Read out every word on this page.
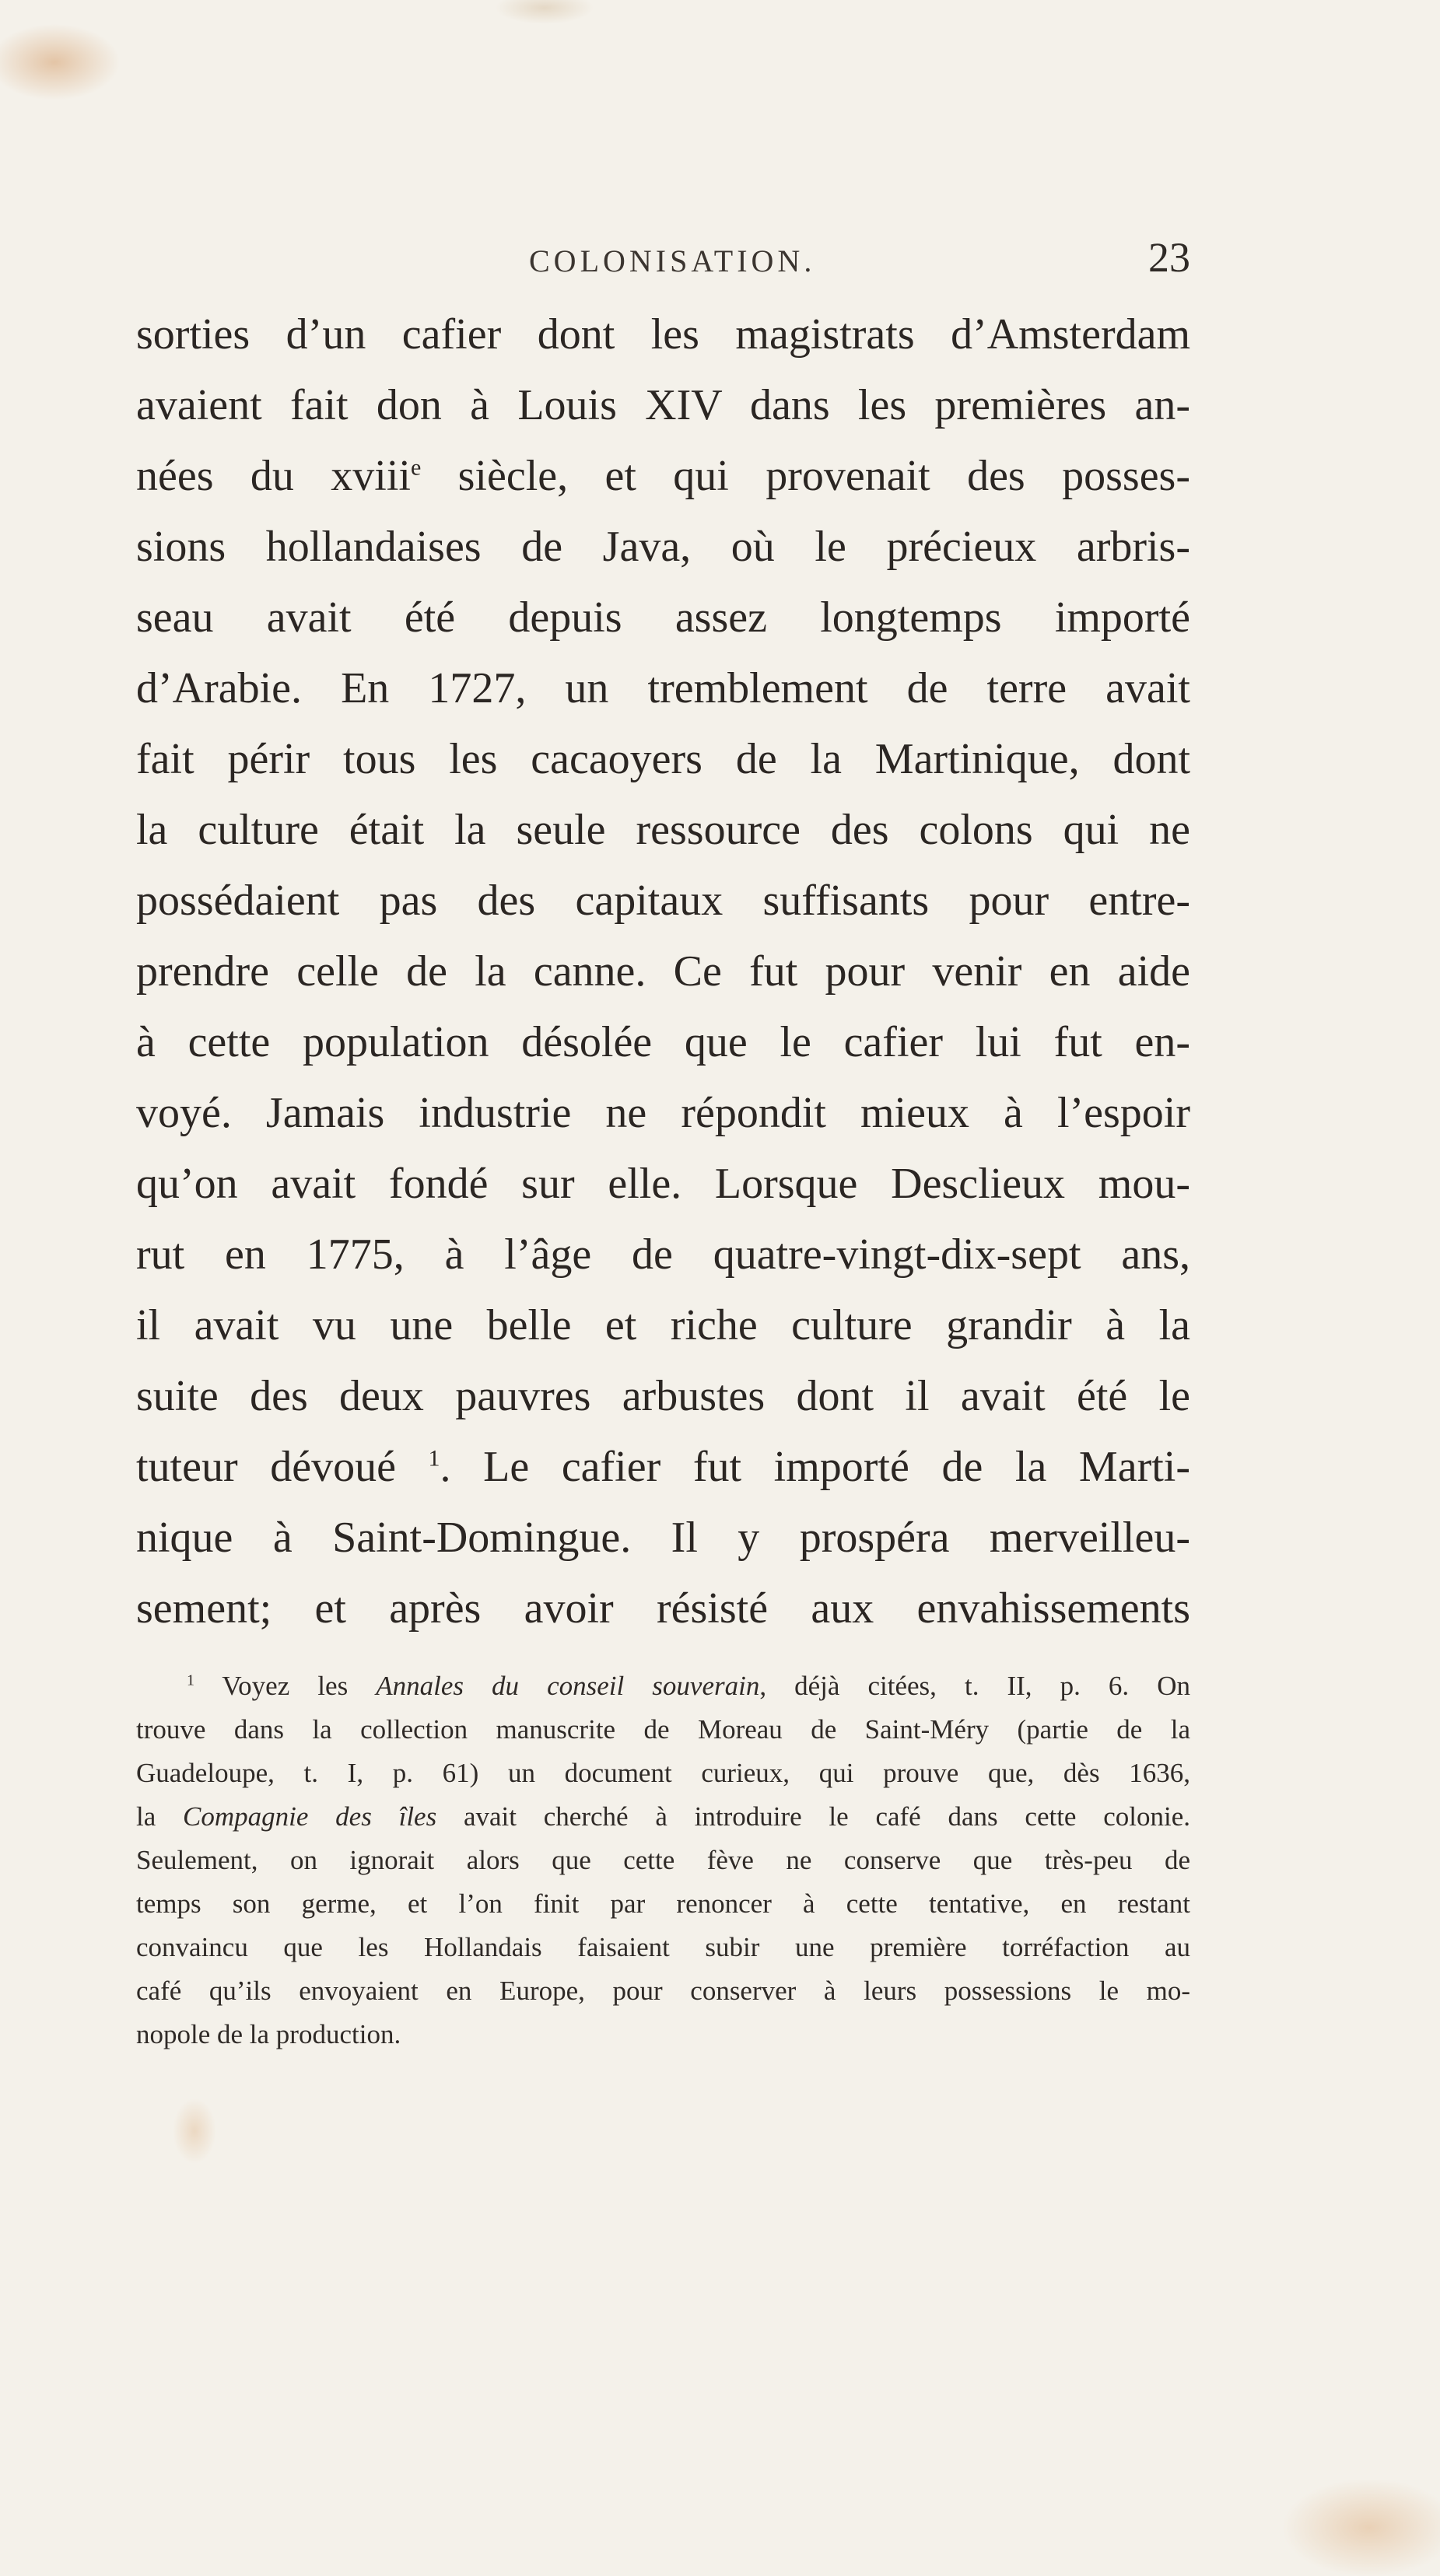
COLONISATION.	23
sorties d’un cafier dont les magistrats d’Amsterdam
avaient fait don à Louis XIV dans les premières an-
nées du xviii$^e$ siècle, et qui provenait des posses-
sions hollandaises de Java, où le précieux arbris-
seau avait été depuis assez longtemps importé
d’Arabie. En 1727, un tremblement de terre avait
fait périr tous les cacaoyers de la Martinique, dont
la culture était la seule ressource des colons qui ne
possédaient pas des capitaux suffisants pour entre-
prendre celle de la canne. Ce fut pour venir en aide
à cette population désolée que le cafier lui fut en-
voyé. Jamais industrie ne répondit mieux à l’espoir
qu’on avait fondé sur elle. Lorsque Desclieux mou-
rut en 1775, à l’âge de quatre-vingt-dix-sept ans,
il avait vu une belle et riche culture grandir à la
suite des deux pauvres arbustes dont il avait été le
tuteur dévoué $^1$. Le cafier fut importé de la Marti-
nique à Saint-Domingue. Il y prospéra merveilleu-
sement; et après avoir résisté aux envahissements
$^1$ Voyez les Annales du conseil souverain, déjà citées, t. II, p. 6. On
trouve dans la collection manuscrite de Moreau de Saint-Méry (partie de la
Guadeloupe, t. I, p. 61) un document curieux, qui prouve que, dès 1636,
la Compagnie des îles avait cherché à introduire le café dans cette colonie.
Seulement, on ignorait alors que cette fève ne conserve que très-peu de
temps son germe, et l’on finit par renoncer à cette tentative, en restant
convaincu que les Hollandais faisaient subir une première torréfaction au
café qu’ils envoyaient en Europe, pour conserver à leurs possessions le mo-
nopole de la production.
